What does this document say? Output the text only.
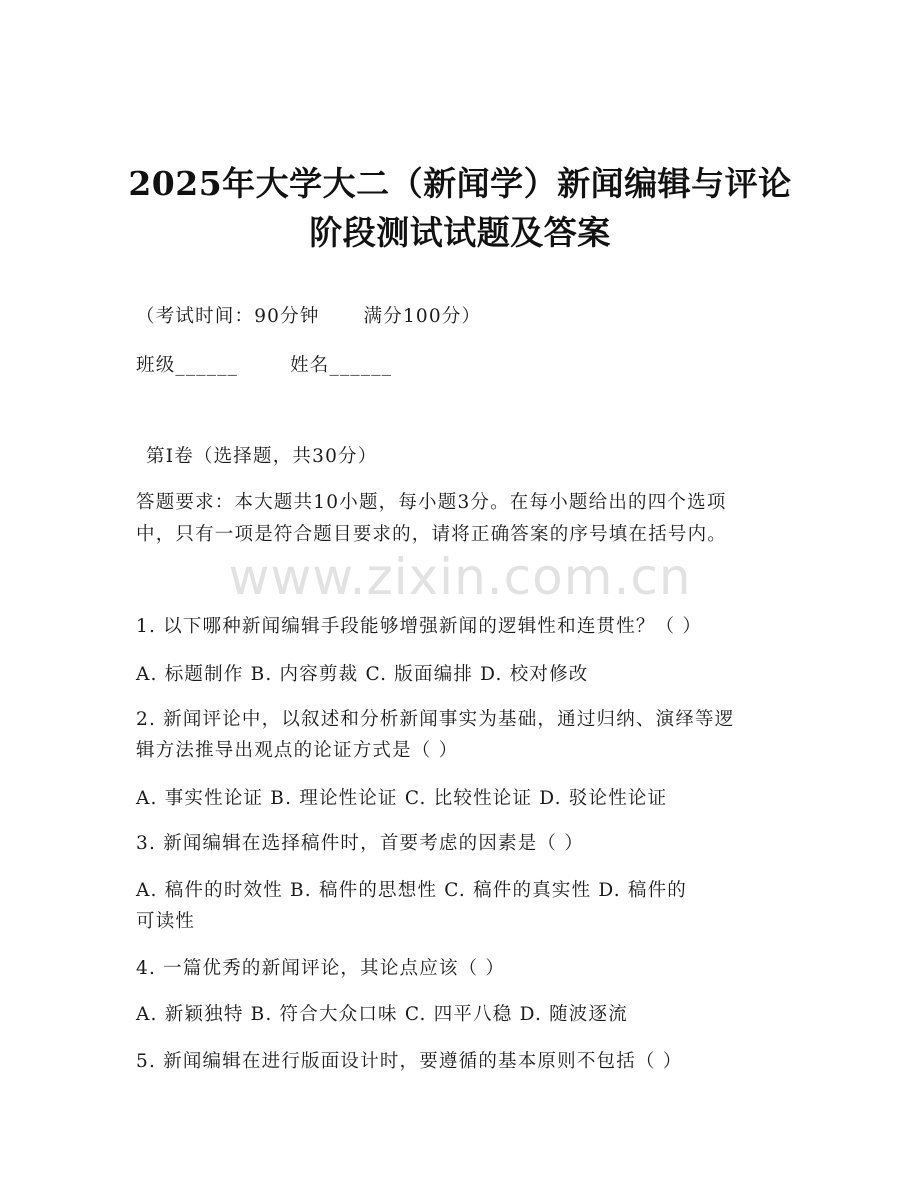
2025年大学大二（新闻学）新闻编辑与评论
阶段测试试题及答案
（考试时间：90分钟 满分100分）
班级______	姓名______
第Ⅰ卷（选择题，共30分）
答题要求：本大题共10小题，每小题3分。在每小题给出的四个选项
中，只有一项是符合题目要求的，请将正确答案的序号填在括号内。
www.zixin.com.cn
1. 以下哪种新闻编辑手段能够增强新闻的逻辑性和连贯性？（ ）
A. 标题制作 B. 内容剪裁 C. 版面编排 D. 校对修改
2. 新闻评论中，以叙述和分析新闻事实为基础，通过归纳、演绎等逻
辑方法推导出观点的论证方式是（ ）
A. 事实性论证 B. 理论性论证 C. 比较性论证 D. 驳论性论证
3. 新闻编辑在选择稿件时，首要考虑的因素是（ ）
A. 稿件的时效性 B. 稿件的思想性 C. 稿件的真实性 D. 稿件的
可读性
4. 一篇优秀的新闻评论，其论点应该（ ）
A. 新颖独特 B. 符合大众口味 C. 四平八稳 D. 随波逐流
5. 新闻编辑在进行版面设计时，要遵循的基本原则不包括（ ）
